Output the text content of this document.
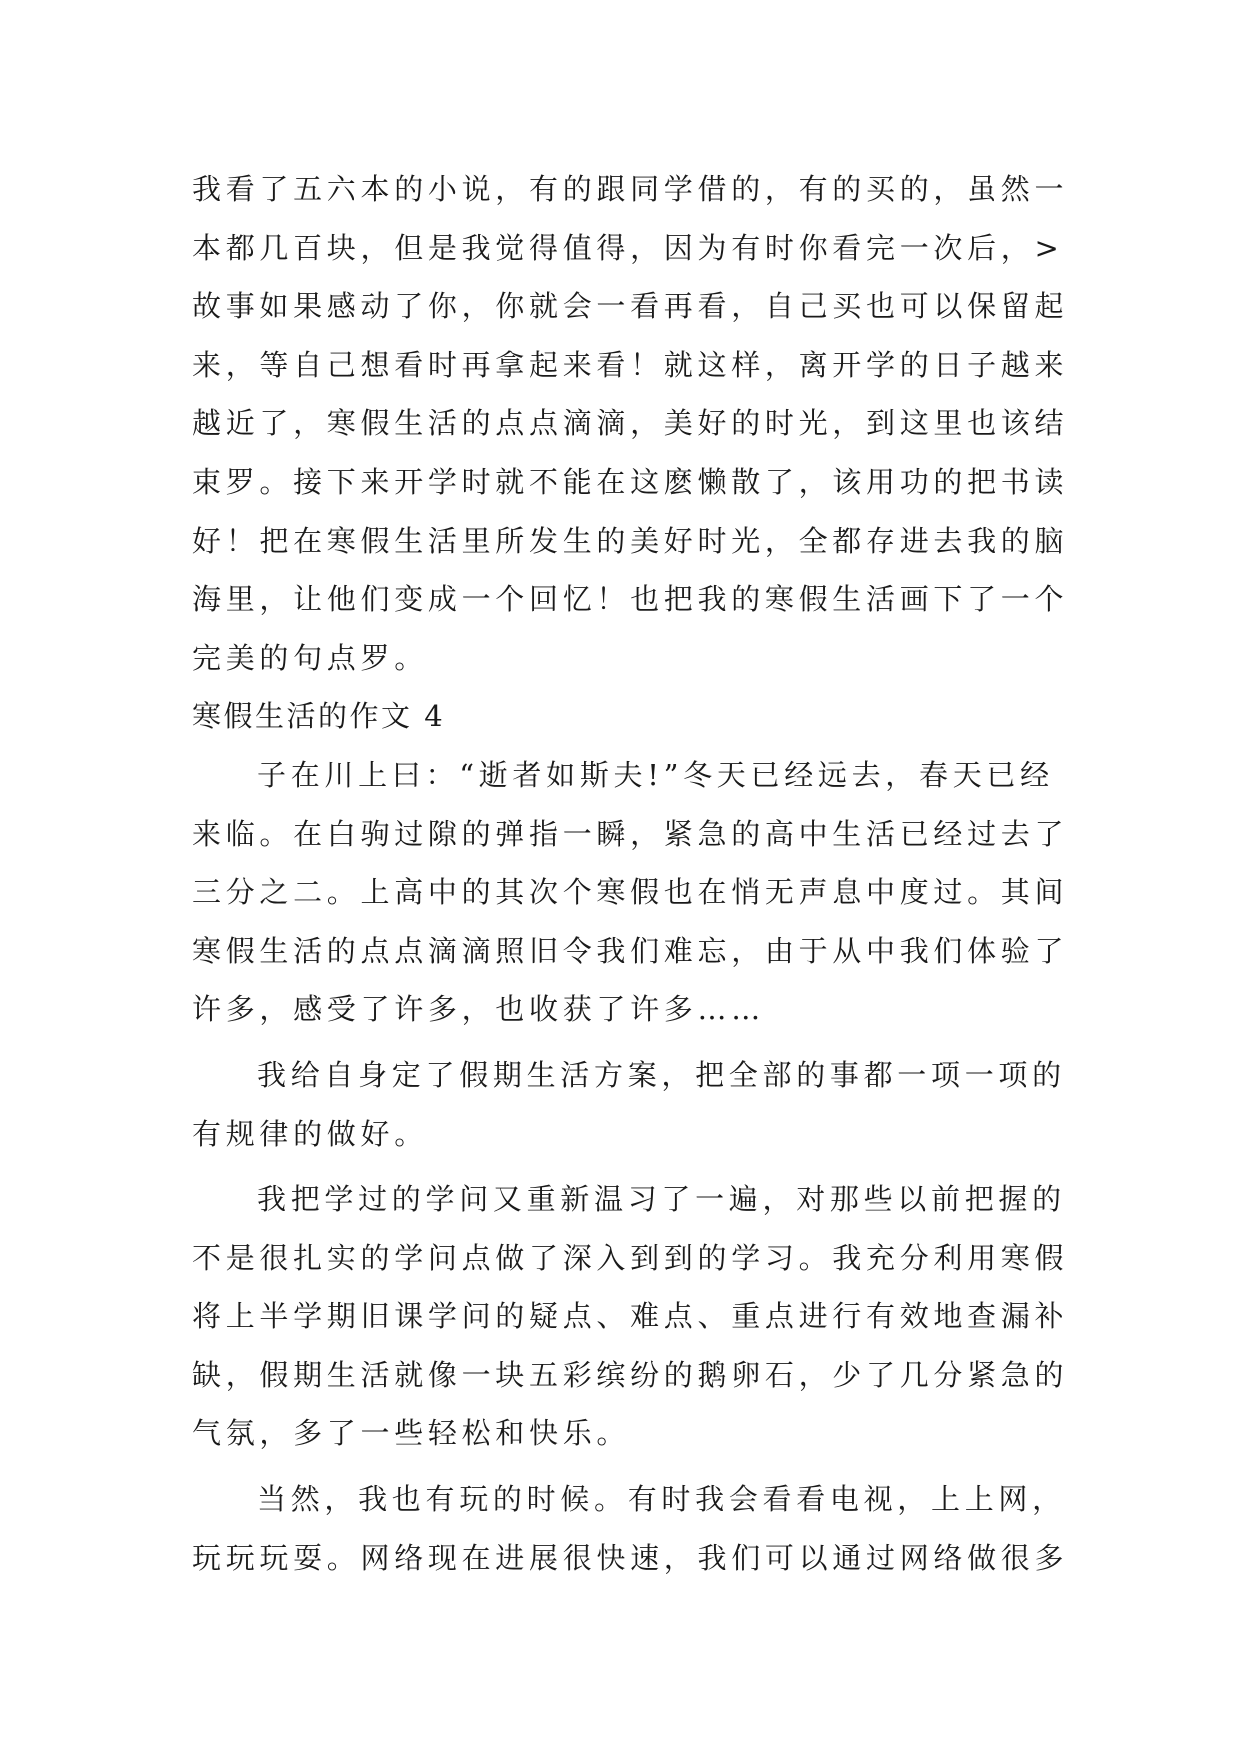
我看了五六本的小说，有的跟同学借的，有的买的，虽然一
本都几百块，但是我觉得值得，因为有时你看完一次后，>
故事如果感动了你，你就会一看再看，自己买也可以保留起
来，等自己想看时再拿起来看！就这样，离开学的日子越来
越近了，寒假生活的点点滴滴，美好的时光，到这里也该结
束罗。接下来开学时就不能在这麽懒散了，该用功的把书读
好！把在寒假生活里所发生的美好时光，全都存进去我的脑
海里，让他们变成一个回忆！也把我的寒假生活画下了一个
完美的句点罗。
寒假生活的作文 4
子在川上曰：“逝者如斯夫!”冬天已经远去，春天已经
来临。在白驹过隙的弹指一瞬，紧急的高中生活已经过去了
三分之二。上高中的其次个寒假也在悄无声息中度过。其间
寒假生活的点点滴滴照旧令我们难忘，由于从中我们体验了
许多，感受了许多，也收获了许多……
我给自身定了假期生活方案，把全部的事都一项一项的
有规律的做好。
我把学过的学问又重新温习了一遍，对那些以前把握的
不是很扎实的学问点做了深入到到的学习。我充分利用寒假
将上半学期旧课学问的疑点、难点、重点进行有效地查漏补
缺，假期生活就像一块五彩缤纷的鹅卵石，少了几分紧急的
气氛，多了一些轻松和快乐。
当然，我也有玩的时候。有时我会看看电视，上上网，
玩玩玩耍。网络现在进展很快速，我们可以通过网络做很多
